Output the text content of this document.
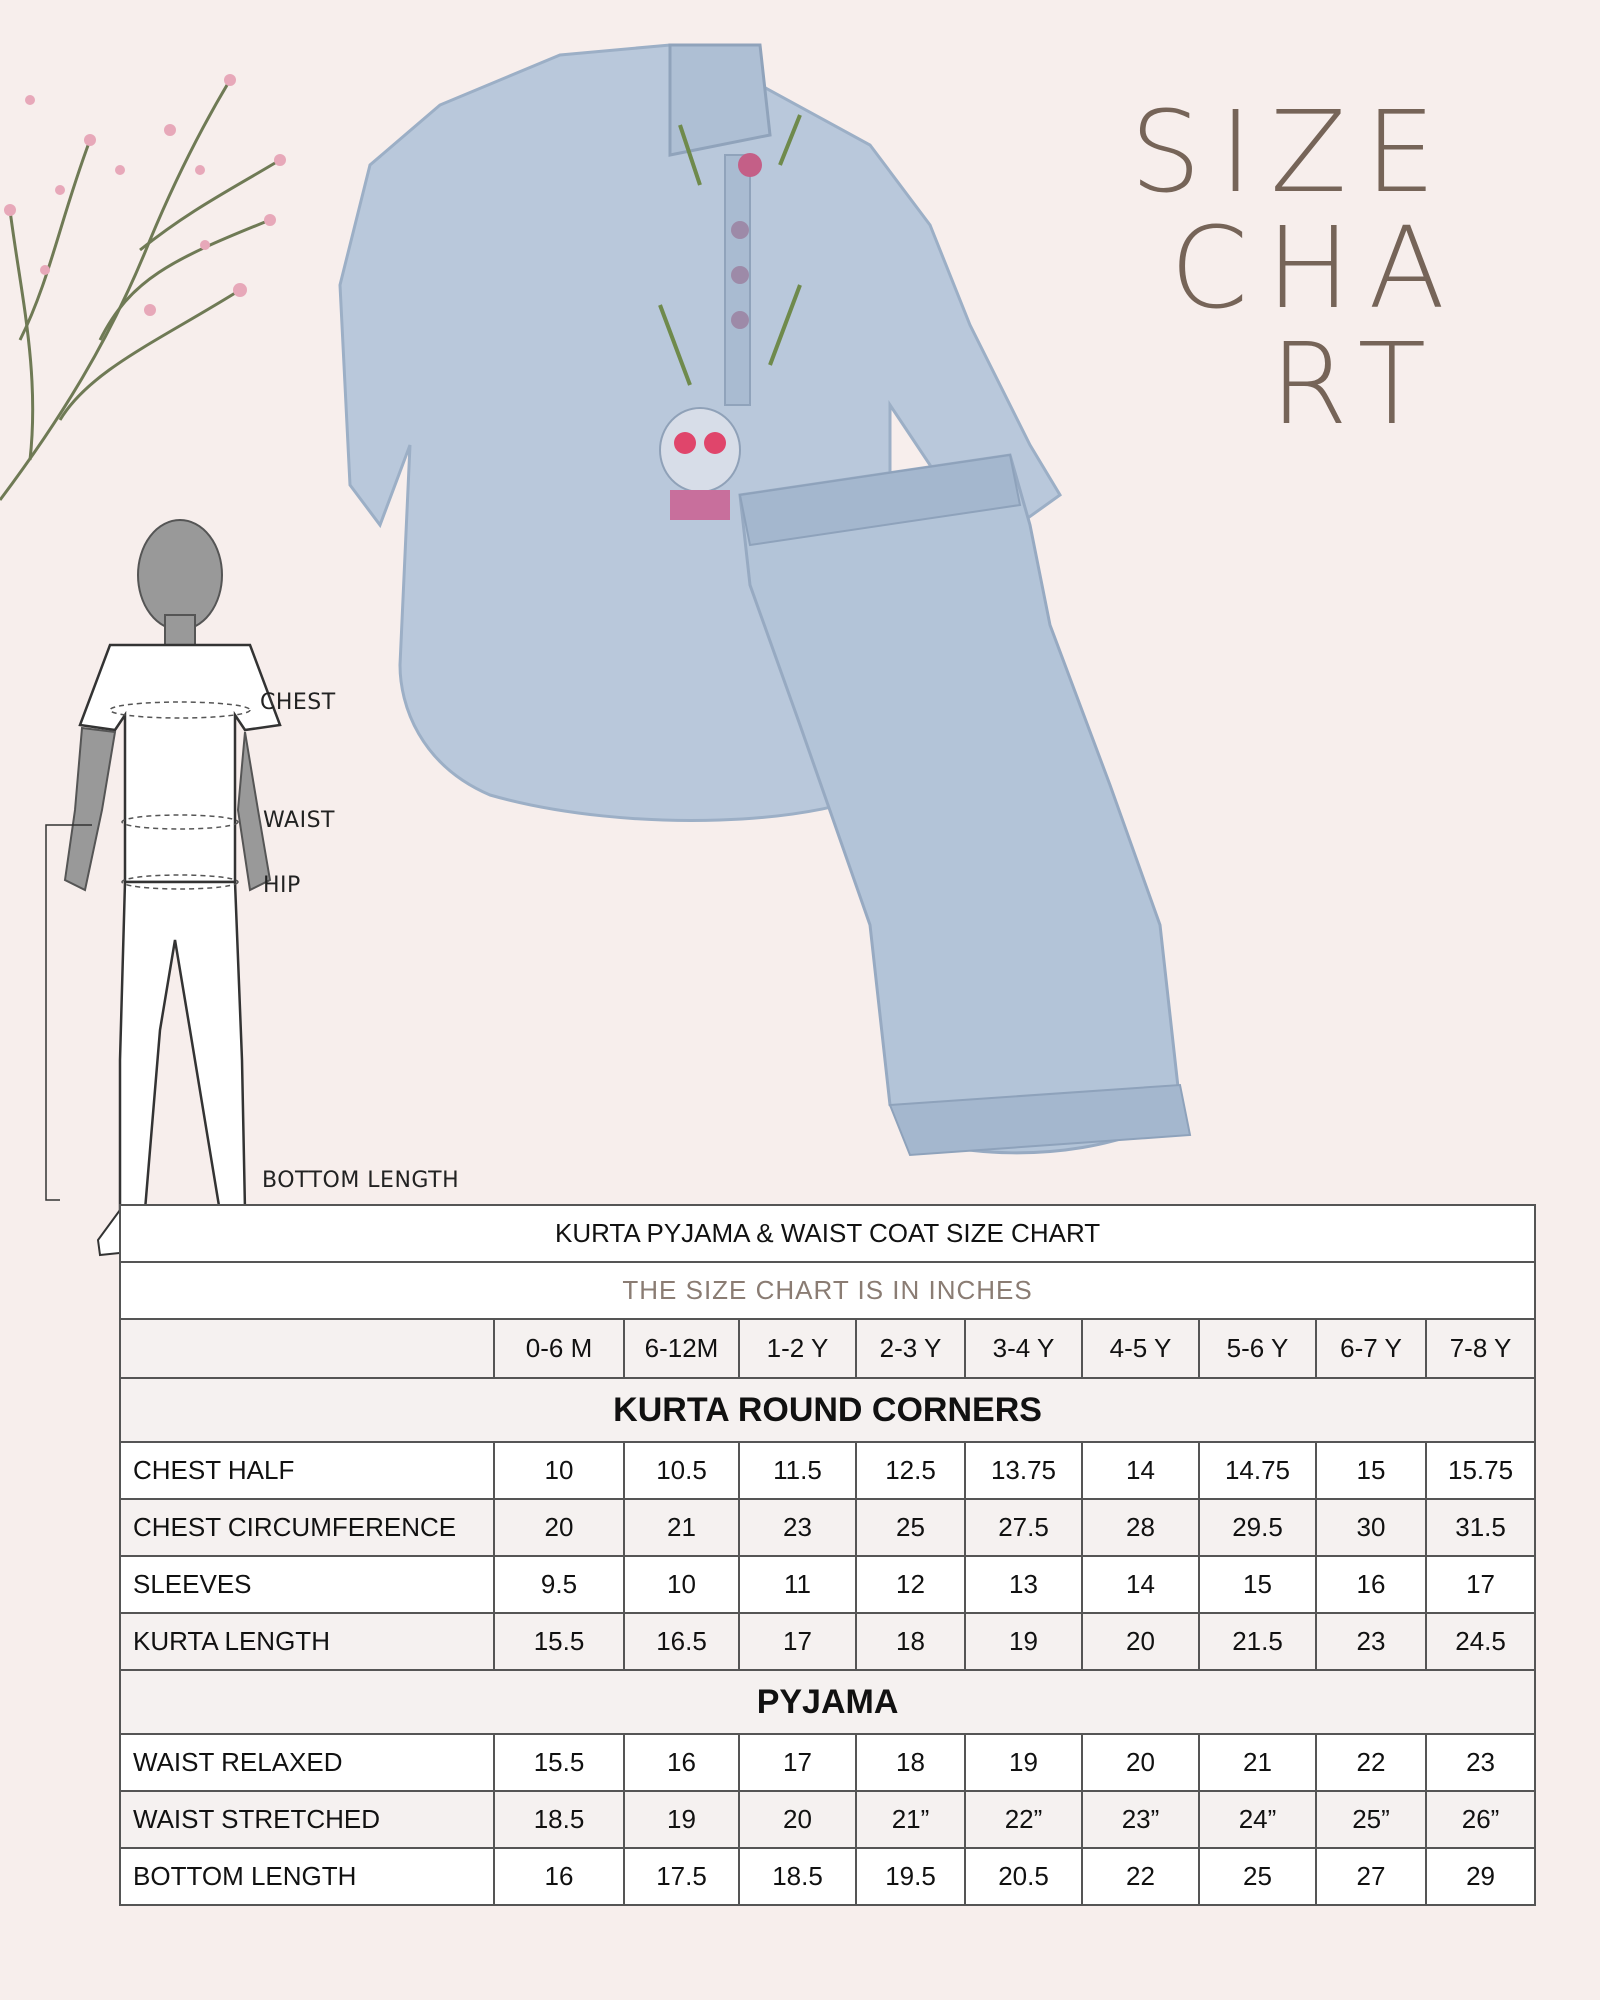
SIZE
CHA
RT
CHEST
WAIST
HIP
BOTTOM LENGTH
KURTA PYJAMA & WAIST COAT SIZE CHART									
THE SIZE CHART IS IN INCHES									
	0-6 M	6-12M	1-2 Y	2-3 Y	3-4 Y	4-5 Y	5-6 Y	6-7 Y	7-8 Y
KURTA ROUND CORNERS									
CHEST HALF	10	10.5	11.5	12.5	13.75	14	14.75	15	15.75
CHEST CIRCUMFERENCE	20	21	23	25	27.5	28	29.5	30	31.5
SLEEVES	9.5	10	11	12	13	14	15	16	17
KURTA LENGTH	15.5	16.5	17	18	19	20	21.5	23	24.5
PYJAMA									
WAIST RELAXED	15.5	16	17	18	19	20	21	22	23
WAIST STRETCHED	18.5	19	20	21”	22”	23”	24”	25”	26”
BOTTOM LENGTH	16	17.5	18.5	19.5	20.5	22	25	27	29
